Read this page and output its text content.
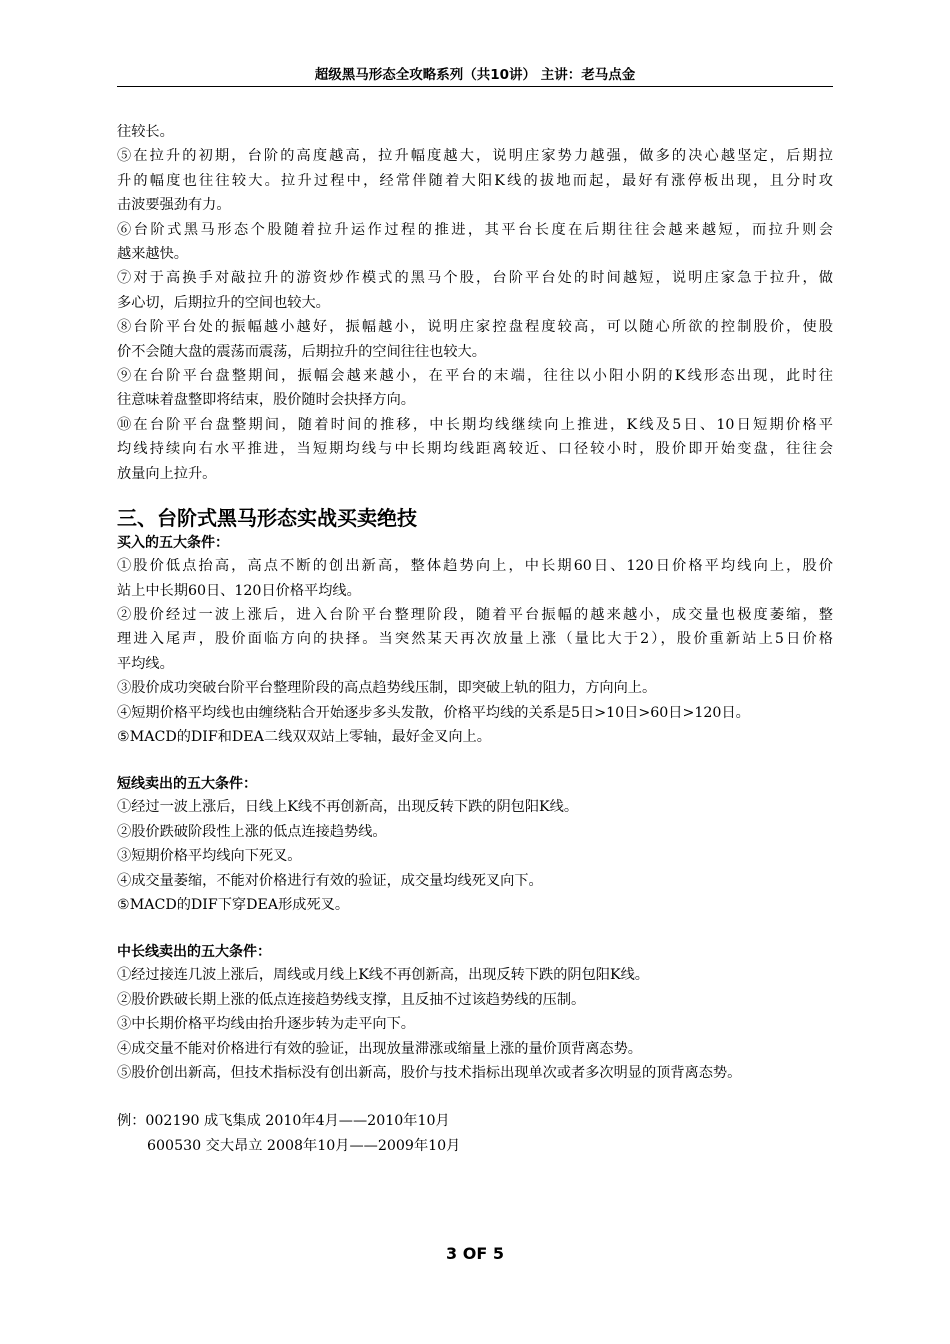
超级黑马形态全攻略系列（共10讲） 主讲：老马点金
往较长。
⑤在拉升的初期，台阶的高度越高，拉升幅度越大，说明庄家势力越强，做多的决心越坚定，后期拉
升的幅度也往往较大。拉升过程中，经常伴随着大阳K线的拔地而起，最好有涨停板出现，且分时攻
击波要强劲有力。
⑥台阶式黑马形态个股随着拉升运作过程的推进，其平台长度在后期往往会越来越短，而拉升则会
越来越快。
⑦对于高换手对敲拉升的游资炒作模式的黑马个股，台阶平台处的时间越短，说明庄家急于拉升，做
多心切，后期拉升的空间也较大。
⑧台阶平台处的振幅越小越好，振幅越小，说明庄家控盘程度较高，可以随心所欲的控制股价，使股
价不会随大盘的震荡而震荡，后期拉升的空间往往也较大。
⑨在台阶平台盘整期间，振幅会越来越小，在平台的末端，往往以小阳小阴的K线形态出现，此时往
往意味着盘整即将结束，股价随时会抉择方向。
⑩在台阶平台盘整期间，随着时间的推移，中长期均线继续向上推进，K线及5日、10日短期价格平
均线持续向右水平推进，当短期均线与中长期均线距离较近、口径较小时，股价即开始变盘，往往会
放量向上拉升。
三、台阶式黑马形态实战买卖绝技
买入的五大条件：
①股价低点抬高，高点不断的创出新高，整体趋势向上，中长期60日、120日价格平均线向上，股价
站上中长期60日、120日价格平均线。
②股价经过一波上涨后，进入台阶平台整理阶段，随着平台振幅的越来越小，成交量也极度萎缩，整
理进入尾声，股价面临方向的抉择。当突然某天再次放量上涨（量比大于2），股价重新站上5日价格
平均线。
③股价成功突破台阶平台整理阶段的高点趋势线压制，即突破上轨的阻力，方向向上。
④短期价格平均线也由缠绕粘合开始逐步多头发散，价格平均线的关系是5日>10日>60日>120日。
⑤MACD的DIF和DEA二线双双站上零轴，最好金叉向上。
短线卖出的五大条件：
①经过一波上涨后，日线上K线不再创新高，出现反转下跌的阴包阳K线。
②股价跌破阶段性上涨的低点连接趋势线。
③短期价格平均线向下死叉。
④成交量萎缩，不能对价格进行有效的验证，成交量均线死叉向下。
⑤MACD的DIF下穿DEA形成死叉。
中长线卖出的五大条件：
①经过接连几波上涨后，周线或月线上K线不再创新高，出现反转下跌的阴包阳K线。
②股价跌破长期上涨的低点连接趋势线支撑，且反抽不过该趋势线的压制。
③中长期价格平均线由抬升逐步转为走平向下。
④成交量不能对价格进行有效的验证，出现放量滞涨或缩量上涨的量价顶背离态势。
⑤股价创出新高，但技术指标没有创出新高，股价与技术指标出现单次或者多次明显的顶背离态势。
例：002190 成飞集成 2010年4月——2010年10月
600530 交大昂立 2008年10月——2009年10月
3 OF 5
